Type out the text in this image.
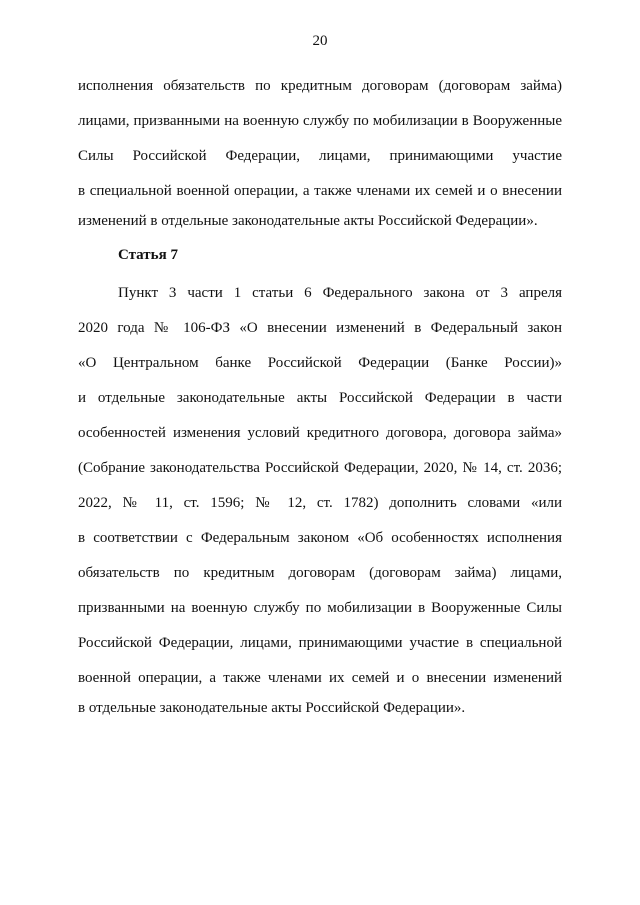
20
исполнения обязательств по кредитным договорам (договорам займа)
лицами, призванными на военную службу по мобилизации в Вооруженные
Силы Российской Федерации, лицами, принимающими участие
в специальной военной операции, а также членами их семей и о внесении
изменений в отдельные законодательные акты Российской Федерации».
Статья 7
Пункт 3 части 1 статьи 6 Федерального закона от 3 апреля
2020 года № 106-ФЗ «О внесении изменений в Федеральный закон
«О Центральном банке Российской Федерации (Банке России)»
и отдельные законодательные акты Российской Федерации в части
особенностей изменения условий кредитного договора, договора займа»
(Собрание законодательства Российской Федерации, 2020, № 14, ст. 2036;
2022, № 11, ст. 1596; № 12, ст. 1782) дополнить словами «или
в соответствии с Федеральным законом «Об особенностях исполнения
обязательств по кредитным договорам (договорам займа) лицами,
призванными на военную службу по мобилизации в Вооруженные Силы
Российской Федерации, лицами, принимающими участие в специальной
военной операции, а также членами их семей и о внесении изменений
в отдельные законодательные акты Российской Федерации».
